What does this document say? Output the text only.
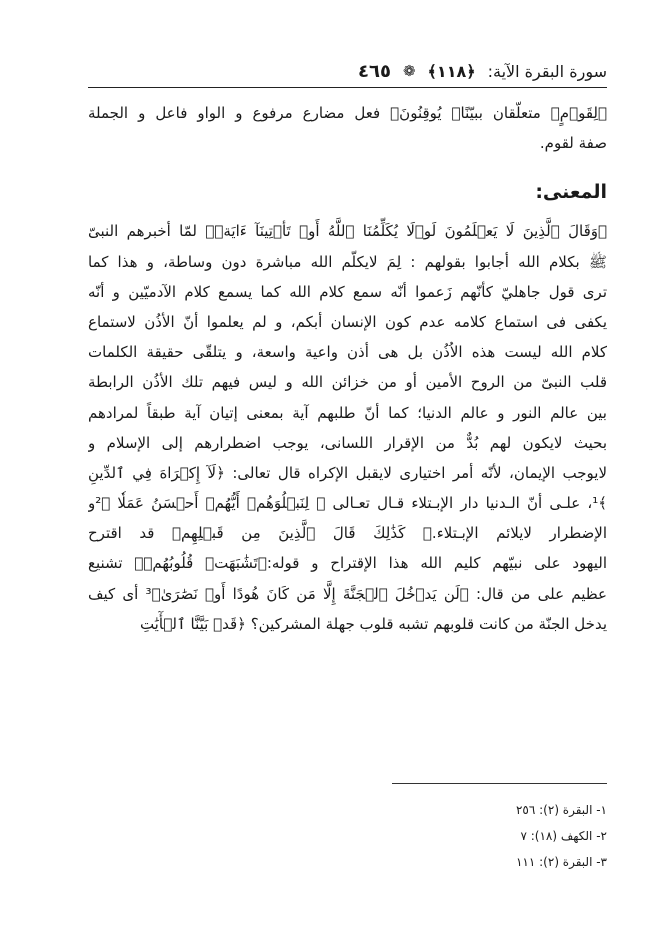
سورة البقرة الآية:
﴿١١٨﴾
❁
٤٦٥
﴿لِقَوۡمٍ﴾ متعلّقان ببيّنًا﴿ يُوقِنُونَ﴾ فعل مضارع مرفوع و الواو فاعل و الجملة
صفة لقوم.
المعنى:
﴿وَقَالَ ٱلَّذِينَ لَا يَعۡلَمُونَ لَوۡلَا يُكَلِّمُنَا ٱللَّهُ أَوۡ تَأۡتِينَآ ءَايَةٞ﴾ لمّا أخبرهم النبىّ
ﷺ بكلام الله أجابوا بقولهم : لِمَ لايكلّم الله مباشرة دون وساطة، و هذا كما
ترى قول جاهليّ كأنّهم زَعموا أنّه سمع كلام الله كما يسمع كلام الآدميّين و أنّه
يكفى فى استماع كلامه عدم كون الإنسان أبكم، و لم يعلموا أنّ الأذُن لاستماع
كلام الله ليست هذه الاُذُن بل هى أذن واعية واسعة، و يتلقّى حقيقة الكلمات
قلب النبىّ من الروح الأمين أو من خزائن الله و ليس فيهم تلك الأذُن الرابطة
بين عالم النور و عالم الدنيا؛ كما أنّ طلبهم آية بمعنى إتيان آية طبقاً لمرادهم
بحيث لايكون لهم بُدٌّ من الإقرار اللسانى، يوجب اضطرارهم إلى الإسلام و
لايوجب الإيمان، لأنّه أمر اختيارى لايقبل الإكراه قال تعالى: ﴿لَآ إِكۡرَاهَ فِي ٱلدِّينِ
﴾¹، علـى أنّ الـدنيا دار الإبـتلاء قـال تعـالى ﴿ لِنَبۡلُوَهُمۡ أَيُّهُمۡ أَحۡسَنُ عَمَلٗا ﴾²و
الإضطرار لايلائم الإبـتلاء.﴿ كَذَٰلِكَ قَالَ ٱلَّذِينَ مِن قَبۡلِهِم﴾ قد اقترح
اليهود على نبيّهم كليم الله هذا الإقتراح و قوله:﴿تَشَٰبَهَتۡ قُلُوبُهُمۡ﴾ تشنيع
عظيم على من قال: ﴿لَن يَدۡخُلَ ٱلۡجَنَّةَ إِلَّا مَن كَانَ هُودًا أَوۡ نَصَٰرَىٰ﴾³ أى كيف
يدخل الجنّة من كانت قلوبهم تشبه قلوب جهلة المشركين؟ ﴿قَدۡ بَيَّنَّا ٱلۡأٓيَٰتِ
١- البقرة (٢): ٢٥٦
٢- الكهف (١٨): ٧
٣- البقرة (٢): ١١١
